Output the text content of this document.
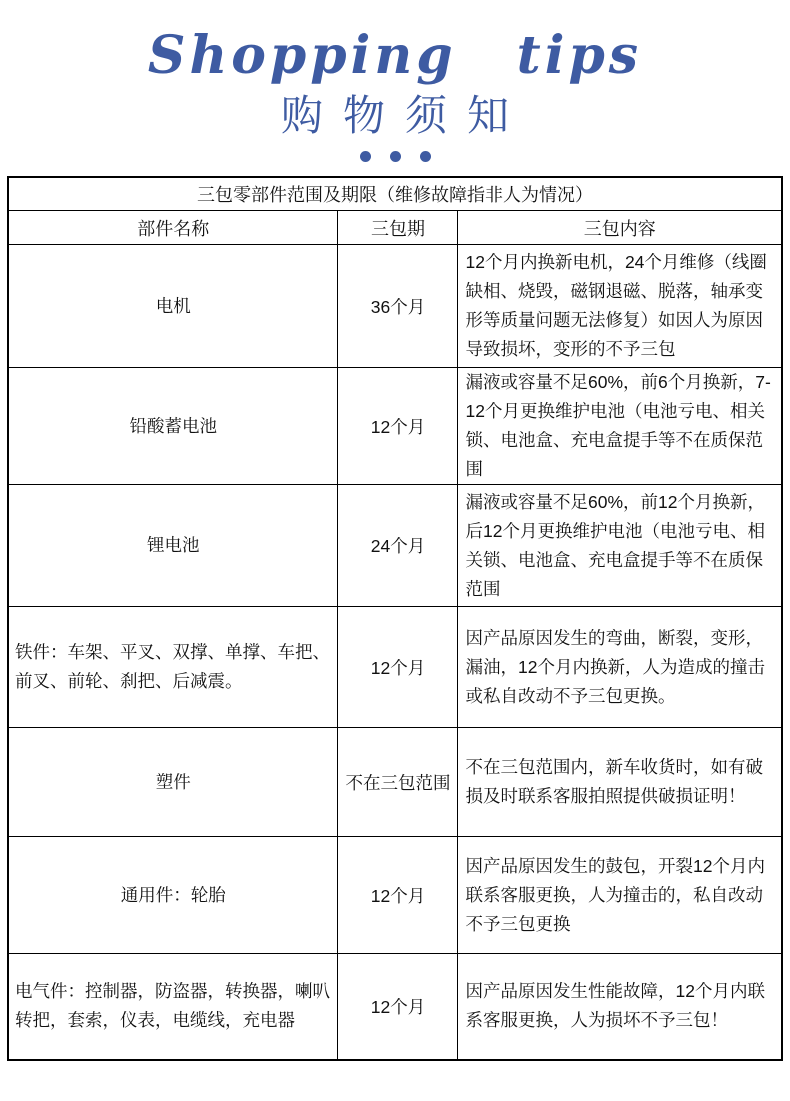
Shopping tips
购物须知
三包零部件范围及期限（维修故障指非人为情况）		
部件名称	三包期	三包内容
电机	36个月	12个月内换新电机，24个月维修（线圈缺相、烧毁，磁钢退磁、脱落，轴承变形等质量问题无法修复）如因人为原因导致损坏，变形的不予三包
铅酸蓄电池	12个月	漏液或容量不足60%，前6个月换新，7-12个月更换维护电池（电池亏电、相关锁、电池盒、充电盒提手等不在质保范围
锂电池	24个月	漏液或容量不足60%，前12个月换新，后12个月更换维护电池（电池亏电、相关锁、电池盒、充电盒提手等不在质保范围
铁件：车架、平叉、双撑、单撑、车把、前叉、前轮、刹把、后减震。	12个月	因产品原因发生的弯曲，断裂，变形，漏油，12个月内换新，人为造成的撞击或私自改动不予三包更换。
塑件	不在三包范围	不在三包范围内，新车收货时，如有破损及时联系客服拍照提供破损证明！
通用件：轮胎	12个月	因产品原因发生的鼓包，开裂12个月内联系客服更换，人为撞击的，私自改动不予三包更换
电气件：控制器，防盗器，转换器，喇叭转把，套索，仪表，电缆线，充电器	12个月	因产品原因发生性能故障，12个月内联系客服更换，人为损坏不予三包！
